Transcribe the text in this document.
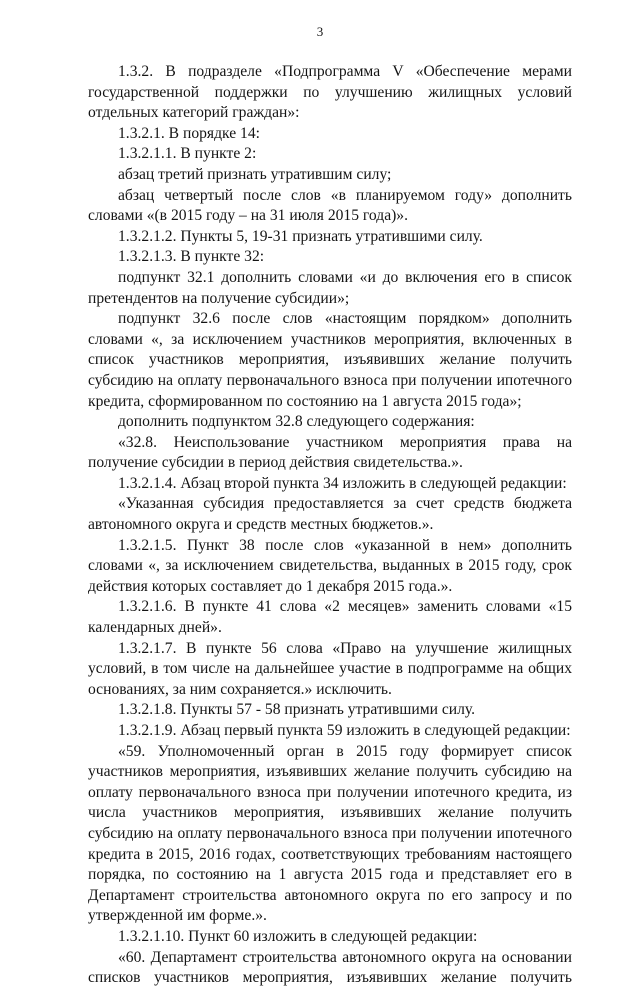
3

1.3.2. В подразделе «Подпрограмма V «Обеспечение мерами государственной поддержки по улучшению жилищных условий отдельных категорий граждан»:

1.3.2.1. В порядке 14:

1.3.2.1.1. В пункте 2:

абзац третий признать утратившим силу;

абзац четвертый после слов «в планируемом году» дополнить словами «(в 2015 году – на 31 июля 2015 года)».

1.3.2.1.2. Пункты 5, 19-31 признать утратившими силу.

1.3.2.1.3. В пункте 32:

подпункт 32.1 дополнить словами «и до включения его в список претендентов на получение субсидии»;

подпункт 32.6 после слов «настоящим порядком» дополнить словами «, за исключением участников мероприятия, включенных в список участников мероприятия, изъявивших желание получить субсидию на оплату первоначального взноса при получении ипотечного кредита, сформированном по состоянию на 1 августа 2015 года»;

дополнить подпунктом 32.8 следующего содержания:

«32.8. Неиспользование участником мероприятия права на получение субсидии в период действия свидетельства.».

1.3.2.1.4. Абзац второй пункта 34 изложить в следующей редакции:

«Указанная субсидия предоставляется за счет средств бюджета автономного округа и средств местных бюджетов.».

1.3.2.1.5. Пункт 38 после слов «указанной в нем» дополнить словами «, за исключением свидетельства, выданных в 2015 году, срок действия которых составляет до 1 декабря 2015 года.».

1.3.2.1.6. В пункте 41 слова «2 месяцев» заменить словами «15 календарных дней».

1.3.2.1.7. В пункте 56 слова «Право на улучшение жилищных условий, в том числе на дальнейшее участие в подпрограмме на общих основаниях, за ним сохраняется.» исключить.

1.3.2.1.8. Пункты 57 - 58 признать утратившими силу.

1.3.2.1.9. Абзац первый пункта 59 изложить в следующей редакции:

«59. Уполномоченный орган в 2015 году формирует список участников мероприятия, изъявивших желание получить субсидию на оплату первоначального взноса при получении ипотечного кредита, из числа участников мероприятия, изъявивших желание получить субсидию на оплату первоначального взноса при получении ипотечного кредита в 2015, 2016 годах, соответствующих требованиям настоящего порядка, по состоянию на 1 августа 2015 года и представляет его в Департамент строительства автономного округа по его запросу и по утвержденной им форме.».

1.3.2.1.10. Пункт 60 изложить в следующей редакции:

«60. Департамент строительства автономного округа на основании списков участников мероприятия, изъявивших желание получить
